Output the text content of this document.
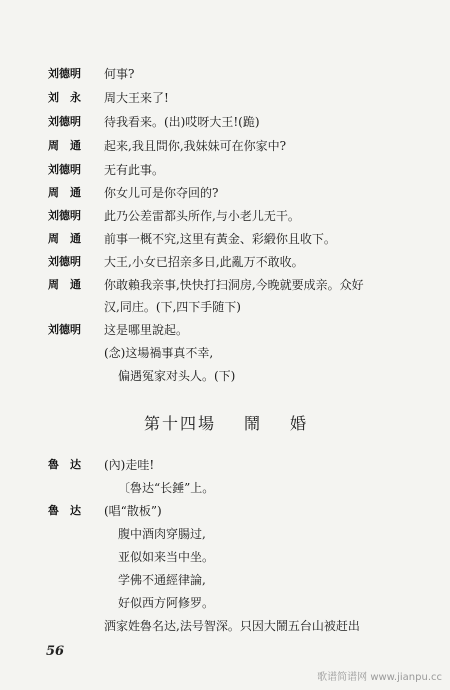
刘德明	何事?
刘　永	周大王来了!
刘德明	待我看来。(出)哎呀大王!(跪)
周　通	起来,我且問你,我妹妹可在你家中?
刘德明	无有此事。
周　通	你女儿可是你夺回的?
刘德明	此乃公差雷都头所作,与小老儿无干。
周　通	前事一概不究,这里有黃金、彩緞你且收下。
刘德明	大王,小女已招亲多日,此亂万不敢收。
周　通	你敢賴我亲事,快快打扫洞房,今晚就要成亲。众好
汉,同庄。(下,四下手随下)
刘德明	这是哪里說起。
(念)这場禍事真不幸,
偏遇冤家对头人。(下)
第十四場 鬧 婚
魯　达	(內)走哇!
〔魯达“长錘”上。
魯　达	(唱“散板”)
腹中酒肉穿腸过,
亚似如来当中坐。
学佛不通經律論,
好似西方阿修罗。
洒家姓魯名达,法号智深。只因大鬧五台山被赶出
56
歌谱简谱网 www.jianpu.cc
